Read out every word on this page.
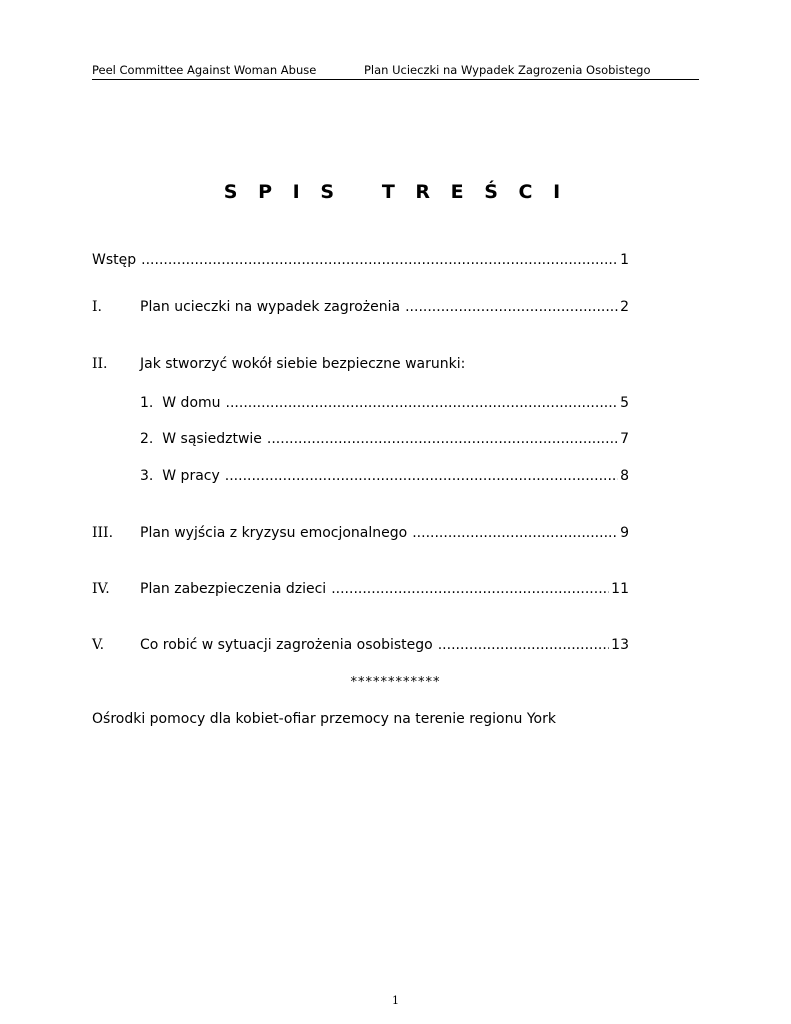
Peel Committee Against Woman Abuse	Plan Ucieczki na Wypadek Zagrozenia Osobistego
S P I S   T R E Ś C I
Wstęp .....	1
I.	Plan ucieczki na wypadek zagrożenia .....	2
II. Jak stworzyć wokół siebie bezpieczne warunki:
1.  W domu .....	5
2.  W sąsiedztwie .....	7
3.  W pracy .....	8
III. Plan wyjścia z kryzysu emocjonalnego .....	9
IV. Plan zabezpieczenia dzieci .....	11
V.	Co robić w sytuacji zagrożenia osobistego .....	13
************
Ośrodki pomocy dla kobiet-ofiar przemocy na terenie regionu York
1
